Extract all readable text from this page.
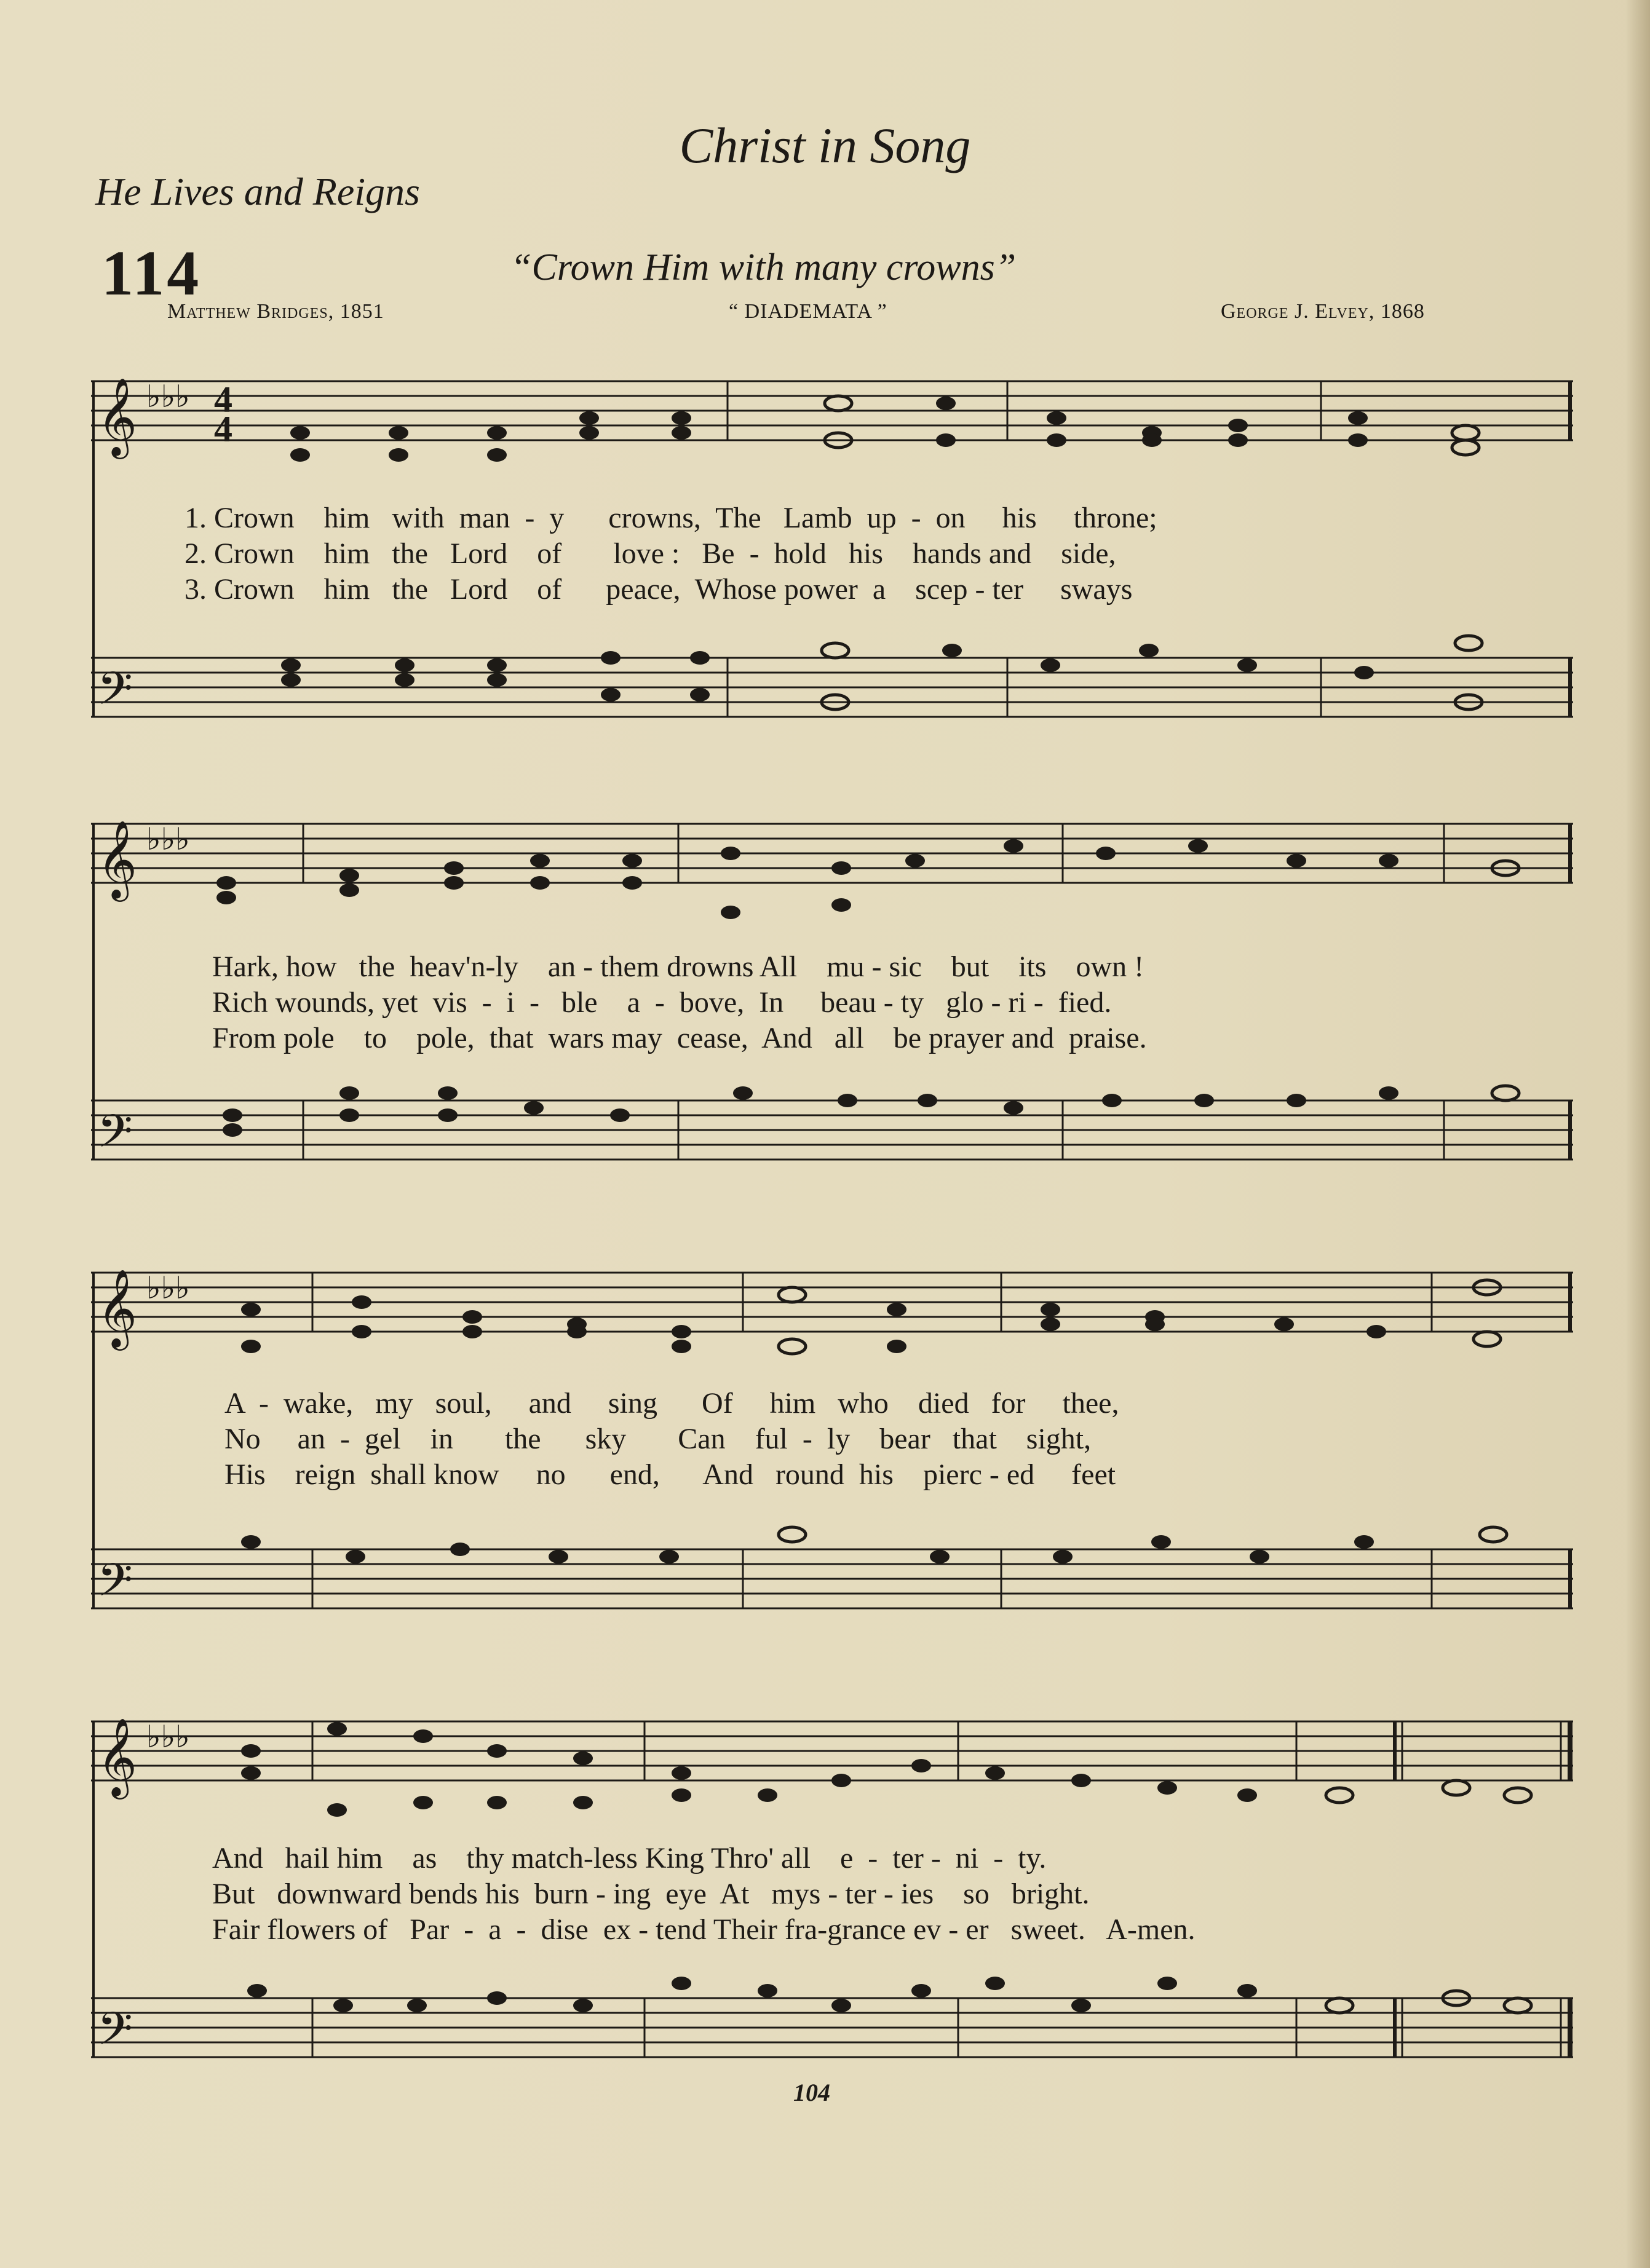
Christ in Song
He Lives and Reigns
114	“Crown Him with many crowns”
Matthew Bridges, 1851	“ DIADEMATA ”	George J. Elvey, 1868
𝄞
𝄢
♭♭♭ 4
4
1. Crown    him   with  man  -  y      crowns,  The   Lamb  up  -  on     his     throne;
2. Crown    him   the   Lord    of       love :   Be  -  hold   his    hands and    side,
3. Crown    him   the   Lord    of      peace,  Whose power  a    scep - ter     sways
𝄞
𝄢
♭♭♭
Hark, how   the  heav'n-ly    an - them drowns All    mu - sic    but    its    own !
Rich wounds, yet  vis  -  i  -   ble    a  -  bove,  In     beau - ty   glo - ri -  fied.
From pole    to    pole,  that  wars may  cease,  And   all    be prayer and  praise.
𝄞
𝄢
♭♭♭
A  -  wake,   my   soul,     and     sing      Of     him   who    died   for     thee,
No     an  -  gel    in       the      sky       Can    ful  -  ly    bear   that    sight,
His    reign  shall know     no      end,      And   round  his    pierc - ed     feet
𝄞
𝄢
♭♭♭
And   hail him    as    thy match-less King Thro' all    e  -  ter -  ni  -  ty.
But   downward bends his  burn - ing  eye  At   mys - ter - ies    so   bright.
Fair flowers of   Par  -  a  -  dise  ex - tend Their fra-grance ev - er   sweet.   A-men.
104
